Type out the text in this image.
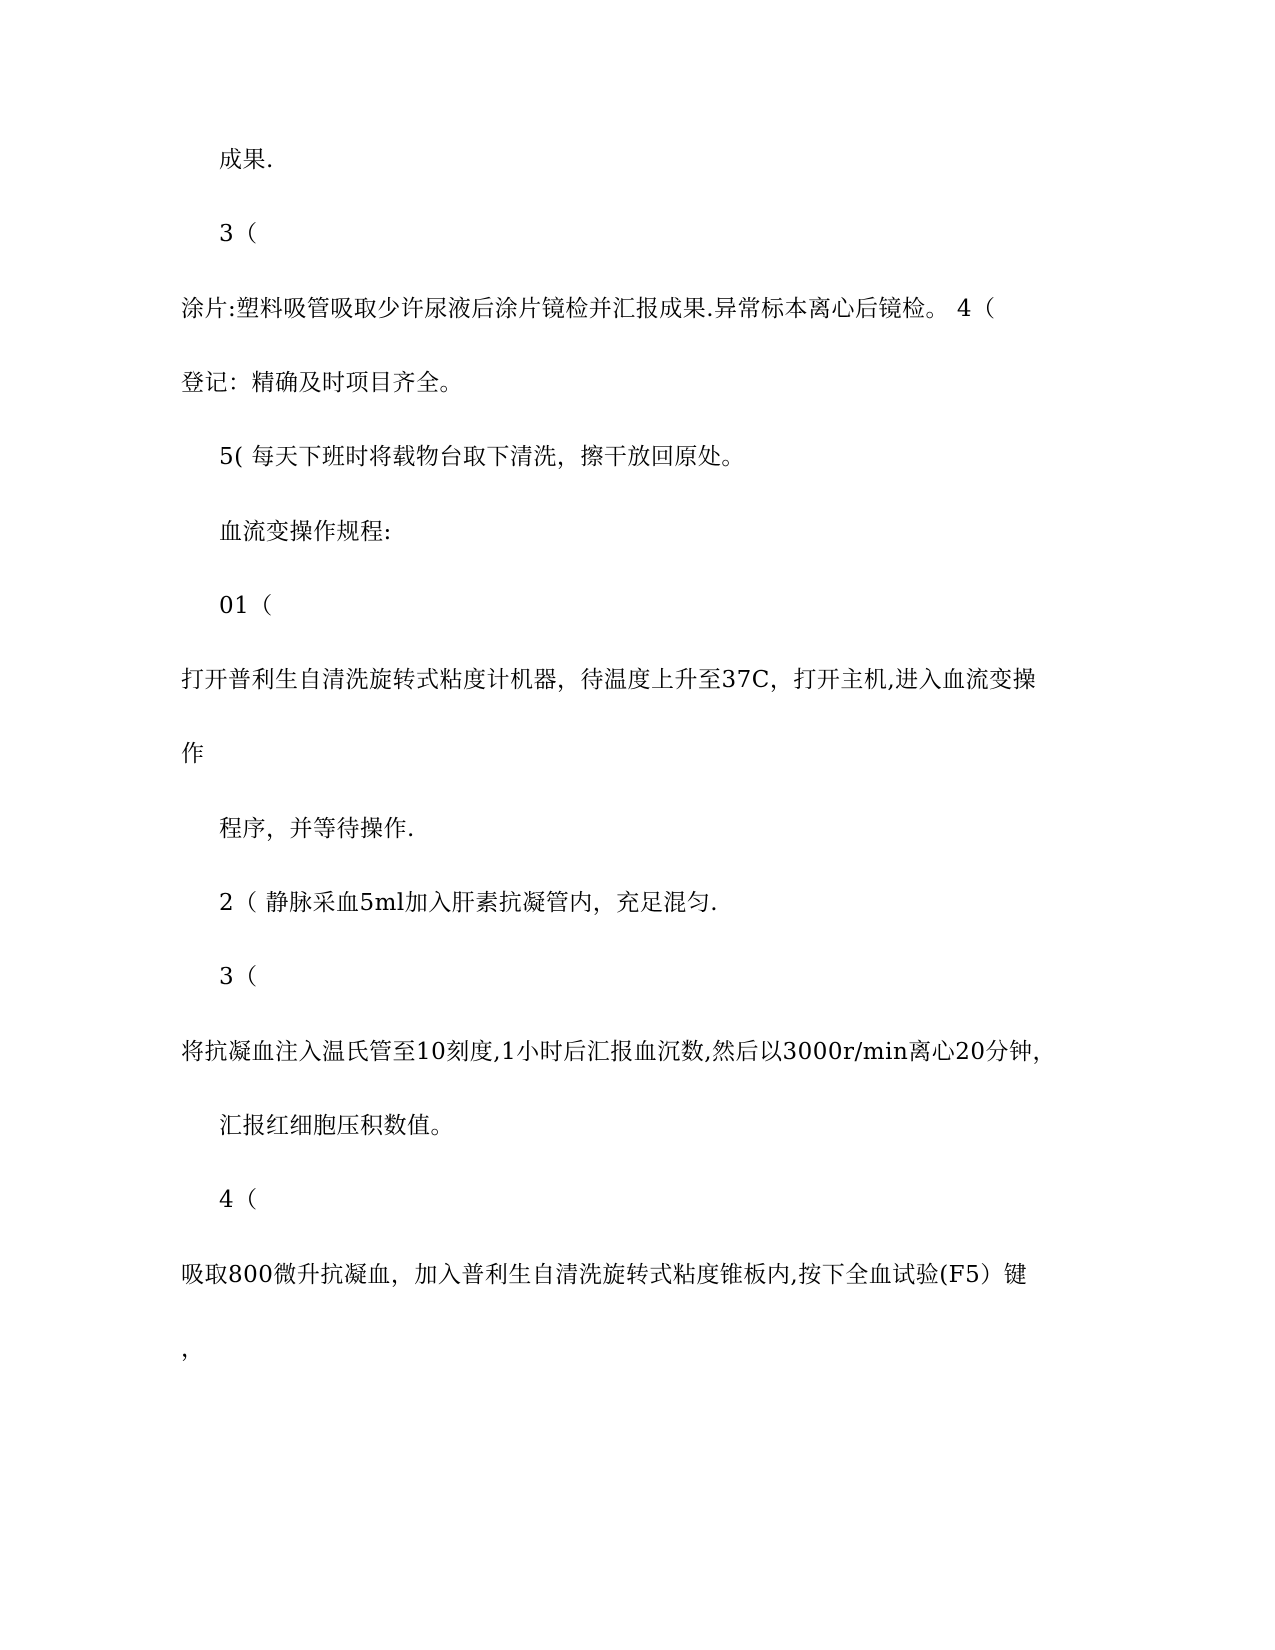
成果.
3（
涂片:塑料吸管吸取少许尿液后涂片镜检并汇报成果.异常标本离心后镜检。 4（
登记：精确及时项目齐全。
5( 每天下班时将载物台取下清洗，擦干放回原处。
血流变操作规程:
01（
打开普利生自清洗旋转式粘度计机器，待温度上升至37C，打开主机,进入血流变操
作
程序，并等待操作.
2（ 静脉采血5ml加入肝素抗凝管内，充足混匀.
3（
将抗凝血注入温氏管至10刻度,1小时后汇报血沉数,然后以3000r/min离心20分钟，
汇报红细胞压积数值。
4（
吸取800微升抗凝血，加入普利生自清洗旋转式粘度锥板内,按下全血试验(F5）键
，
